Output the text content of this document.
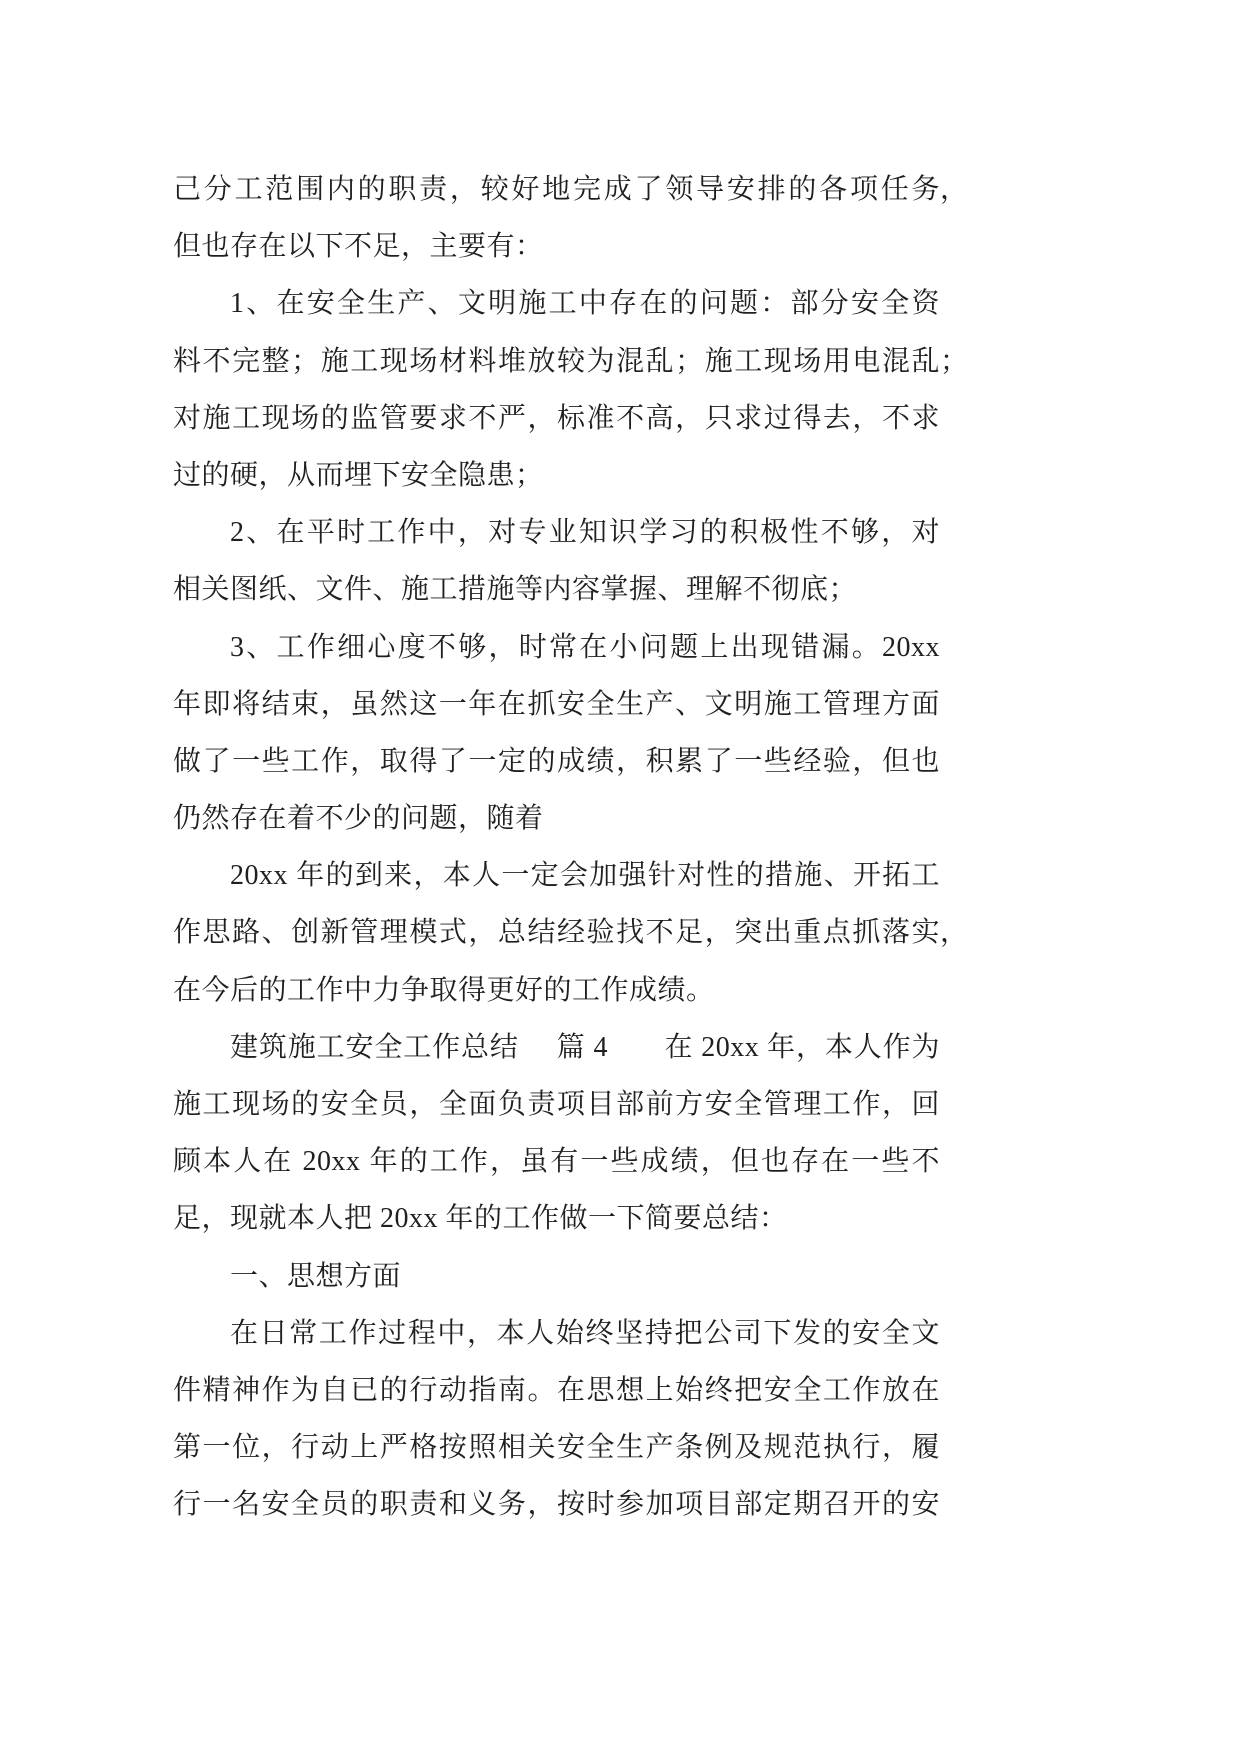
己分工范围内的职责，较好地完成了领导安排的各项任务 ，
但也存在以下不足，主要有：
1、在安全生产、文明施工中存在的问题：部分安全资
料不完整；施工现场材料堆放较为混乱；施工现场用电混乱 ；
对施工现场的监管要求不严，标准不高，只求过得去，不求
过的硬，从而埋下安全隐患；
2、在平时工作中，对专业知识学习的积极性不够，对
相关图纸、文件、施工措施等内容掌握、理解不彻底；
3、工作细心度不够，时常在小问题上出现错漏。20xx
年即将结束，虽然这一年在抓安全生产、文明施工管理方面
做了一些工作，取得了一定的成绩，积累了一些经验，但也
仍然存在着不少的问题，随着
20xx 年的到来，本人一定会加强针对性的措施、开拓工
作思路、创新管理模式，总结经验找不足，突出重点抓落实 ，
在今后的工作中力争取得更好的工作成绩。
建筑施工安全工作总结 篇 4 在 20xx 年，本人作为
施工现场的安全员，全面负责项目部前方安全管理工作，回
顾本人在 20xx 年的工作，虽有一些成绩，但也存在一些不
足，现就本人把 20xx 年的工作做一下简要总结：
一、思想方面
在日常工作过程中，本人始终坚持把公司下发的安全文
件精神作为自已的行动指南。在思想上始终把安全工作放在
第一位，行动上严格按照相关安全生产条例及规范执行，履
行一名安全员的职责和义务，按时参加项目部定期召开的安
